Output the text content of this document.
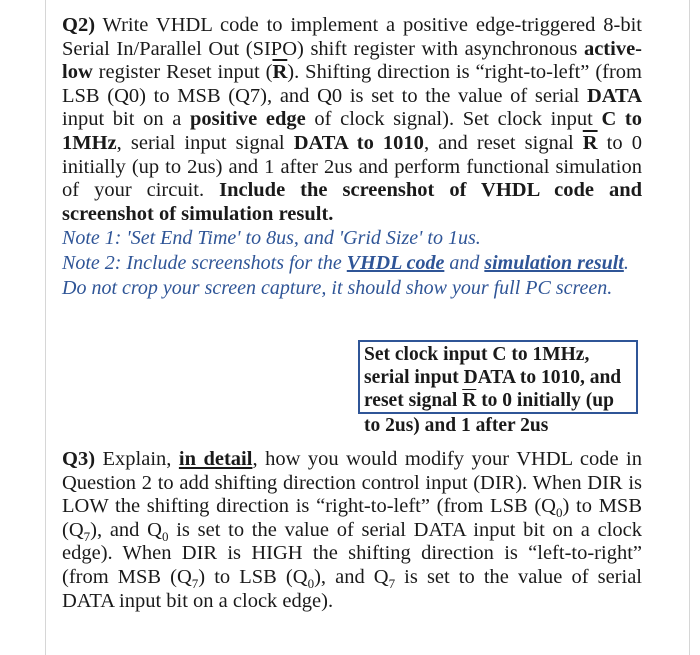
Q2) Write VHDL code to implement a positive edge-triggered 8-bit Serial In/Parallel Out (SIPO) shift register with asynchronous active-low register Reset input $(\overline{R})$. Shifting direction is “right-to-left” (from LSB (Q0) to MSB (Q7), and Q0 is set to the value of serial DATA input bit on a positive edge of clock signal). Set clock input C to 1MHz, serial input signal DATA to 1010, and reset signal $\overline{R}$ to 0 initially (up to 2us) and 1 after 2us and perform functional simulation of your circuit. Include the screenshot of VHDL code and screenshot of simulation result.

Note 1: 'Set End Time' to 8us, and 'Grid Size' to 1us.

Note 2: Include screenshots for the VHDL code and simulation result. Do not crop your screen capture, it should show your full PC screen.

Set clock input C to 1MHz, serial input DATA to 1010, and reset signal $\overline{R}$ to 0 initially (up
to 2us) and 1 after 2us

Q3) Explain, in detail, how you would modify your VHDL code in Question 2 to add shifting direction control input (DIR). When DIR is LOW the shifting direction is “right-to-left” (from LSB $(Q_0)$ to MSB $(Q_7)$, and $Q_0$ is set to the value of serial DATA input bit on a clock edge). When DIR is HIGH the shifting direction is “left-to-right” (from MSB $(Q_7)$ to LSB $(Q_0)$, and $Q_7$ is set to the value of serial DATA input bit on a clock edge).
